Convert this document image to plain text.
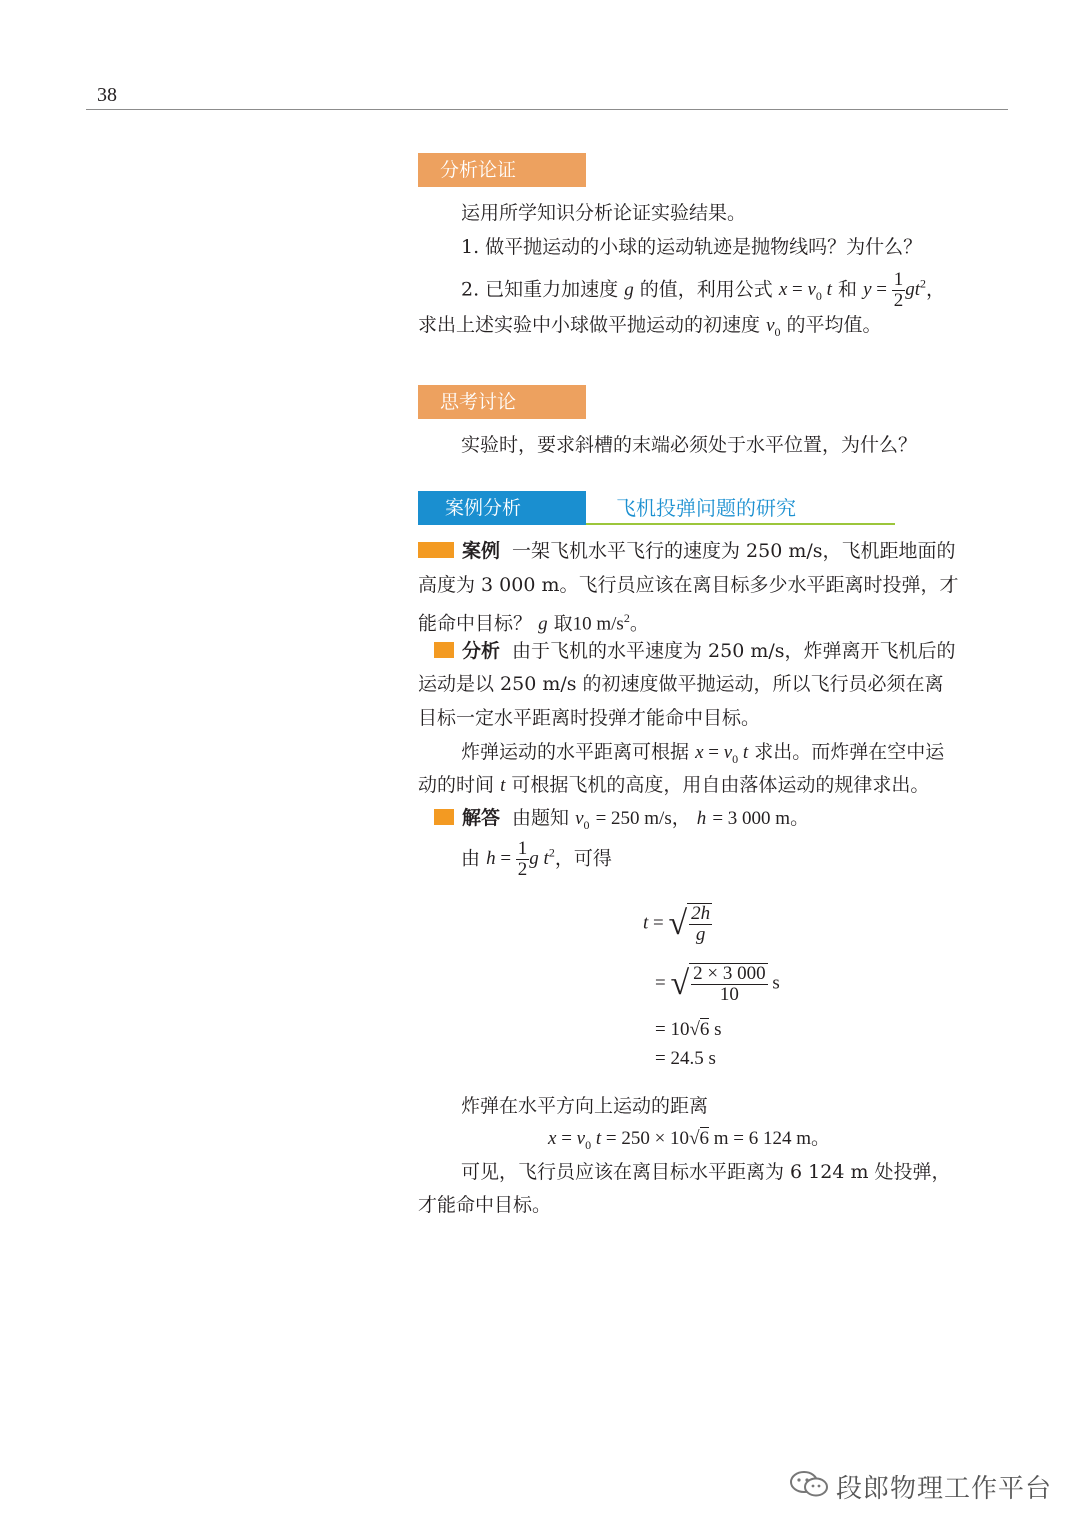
38
分析论证
运用所学知识分析论证实验结果。
1. 做平抛运动的小球的运动轨迹是抛物线吗？为什么？
2. 已知重力加速度 g 的值，利用公式 $x = v_0$ t 和 $y = \frac{1}{2} gt^2$，
求出上述实验中小球做平抛运动的初速度 $v_0$ 的平均值。
思考讨论
实验时，要求斜槽的末端必须处于水平位置，为什么？
案例分析	飞机投弹问题的研究
案例 一架飞机水平飞行的速度为 250 m/s，飞机距地面的
高度为 3 000 m。飞行员应该在离目标多少水平距离时投弹，才
能命中目标？ g 取10 $m/s^2$。
分析 由于飞机的水平速度为 250 m/s，炸弹离开飞机后的
运动是以 250 m/s 的初速度做平抛运动，所以飞行员必须在离
目标一定水平距离时投弹才能命中目标。
炸弹运动的水平距离可根据 $x = v_0$ t 求出。而炸弹在空中运
动的时间 t 可根据飞机的高度，用自由落体运动的规律求出。
解答 由题知 $v_0 = 250$ m/s， h = 3 000 m。
由 $h = \frac{1}{2}$ g $t^2$，可得
t = √ $\frac{2h}{g}$
= √ $\frac{2 \times 3 000}{10}$ s
= 10√6 s
= 24.5 s
炸弹在水平方向上运动的距离
$x = v_0$ t = 250 × 10√6 m = 6 124 m。
可见，飞行员应该在离目标水平距离为 6 124 m 处投弹，
才能命中目标。
段郎物理工作平台
